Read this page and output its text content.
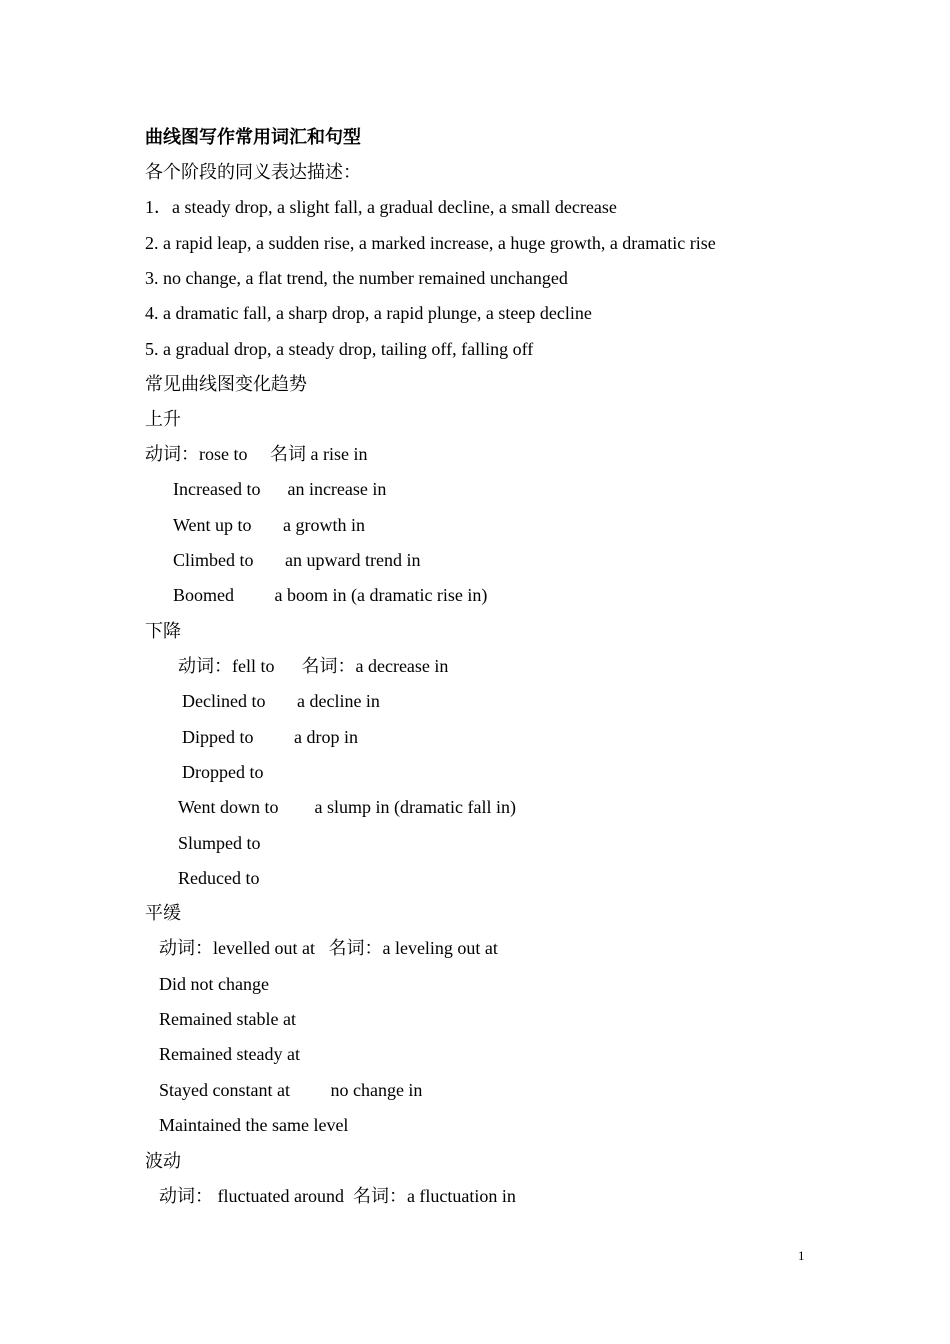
曲线图写作常用词汇和句型
各个阶段的同义表达描述：
1．a steady drop, a slight fall, a gradual decline, a small decrease
2. a rapid leap, a sudden rise, a marked increase, a huge growth, a dramatic rise
3. no change, a flat trend, the number remained unchanged
4. a dramatic fall, a sharp drop, a rapid plunge, a steep decline
5. a gradual drop, a steady drop, tailing off, falling off
常见曲线图变化趋势
上升
动词：rose to     名词 a rise in
Increased to      an increase in
Went up to       a growth in
Climbed to       an upward trend in
Boomed         a boom in (a dramatic rise in)
下降
动词：fell to      名词：a decrease in
Declined to       a decline in
Dipped to         a drop in
Dropped to
Went down to        a slump in (dramatic fall in)
Slumped to
Reduced to
平缓
动词：levelled out at   名词：a leveling out at
Did not change
Remained stable at
Remained steady at
Stayed constant at         no change in
Maintained the same level
波动
动词： fluctuated around  名词：a fluctuation in
1
